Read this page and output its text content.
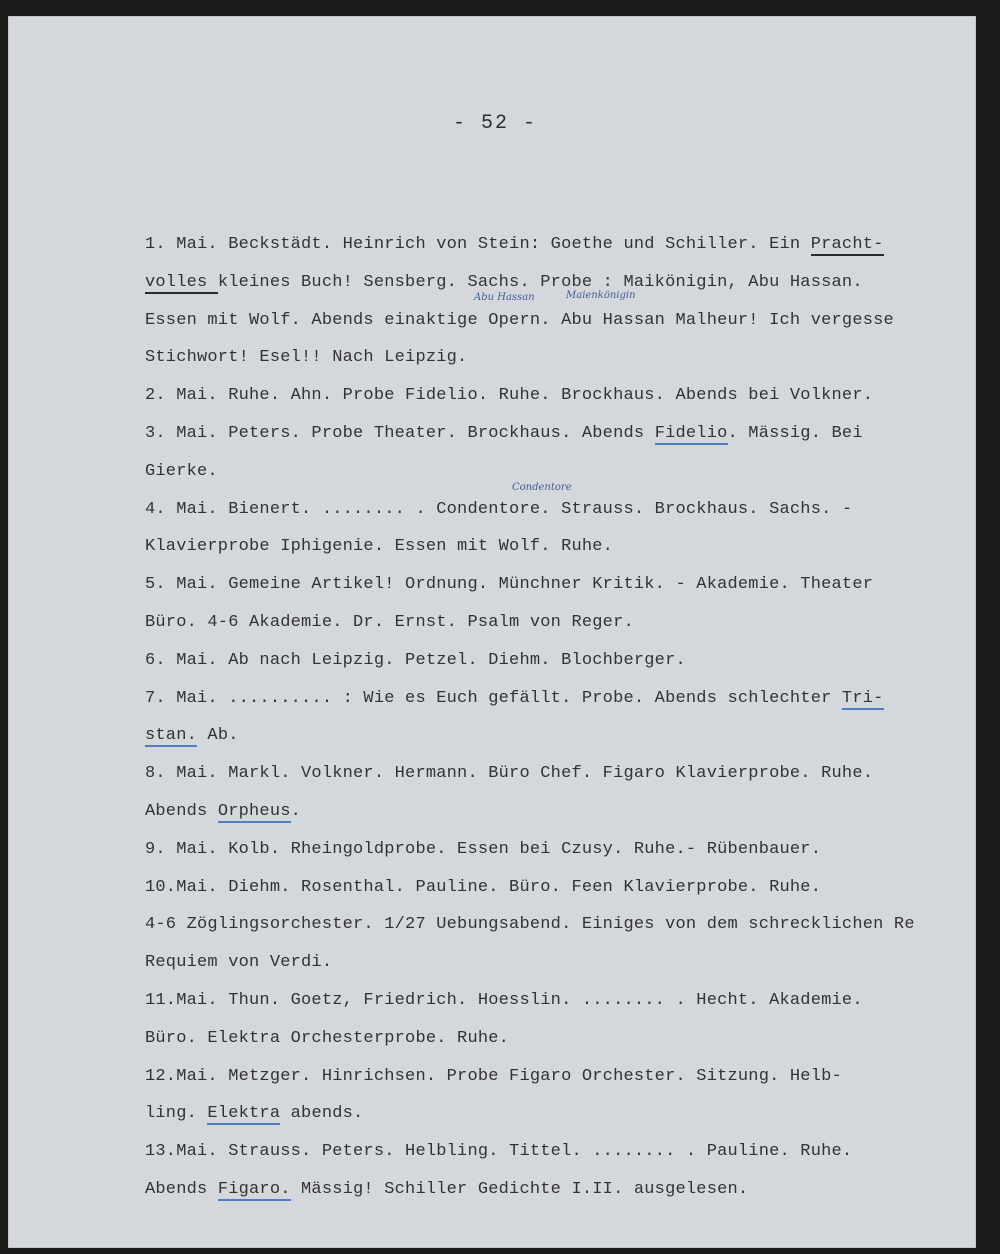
- 52 -
1. Mai. Beckstädt. Heinrich von Stein: Goethe und Schiller. Ein Pracht-
volles kleines Buch! Sensberg. Sachs. Probe : Maikönigin, Abu Hassan.
Essen mit Wolf. Abends einaktige Opern. Abu Hassan Malheur! Ich vergesse
Stichwort! Esel!! Nach Leipzig.
2. Mai. Ruhe. Ahn. Probe Fidelio. Ruhe. Brockhaus. Abends bei Volkner.
3. Mai. Peters. Probe Theater. Brockhaus. Abends Fidelio. Mässig. Bei
Gierke.
4. Mai. Bienert. ........ . Condentore. Strauss. Brockhaus. Sachs. -
Klavierprobe Iphigenie. Essen mit Wolf. Ruhe.
5. Mai. Gemeine Artikel! Ordnung. Münchner Kritik. - Akademie. Theater
Büro. 4-6 Akademie. Dr. Ernst. Psalm von Reger.
6. Mai. Ab nach Leipzig. Petzel. Diehm. Blochberger.
7. Mai. .......... : Wie es Euch gefällt. Probe. Abends schlechter Tri-
stan. Ab.
8. Mai. Markl. Volkner. Hermann. Büro Chef. Figaro Klavierprobe. Ruhe.
Abends Orpheus.
9. Mai. Kolb. Rheingoldprobe. Essen bei Czusy. Ruhe.- Rübenbauer.
10.Mai. Diehm. Rosenthal. Pauline. Büro. Feen Klavierprobe. Ruhe.
4-6 Zöglingsorchester. 1/27 Uebungsabend. Einiges von dem schrecklichen Re
Requiem von Verdi.
11.Mai. Thun. Goetz, Friedrich. Hoesslin. ........ . Hecht. Akademie.
Büro. Elektra Orchesterprobe. Ruhe.
12.Mai. Metzger. Hinrichsen. Probe Figaro Orchester. Sitzung. Helb-
ling. Elektra abends.
13.Mai. Strauss. Peters. Helbling. Tittel. ........ . Pauline. Ruhe.
Abends Figaro. Mässig! Schiller Gedichte I.II. ausgelesen.
Abu Hassan	Maienkönigin
Condentore
